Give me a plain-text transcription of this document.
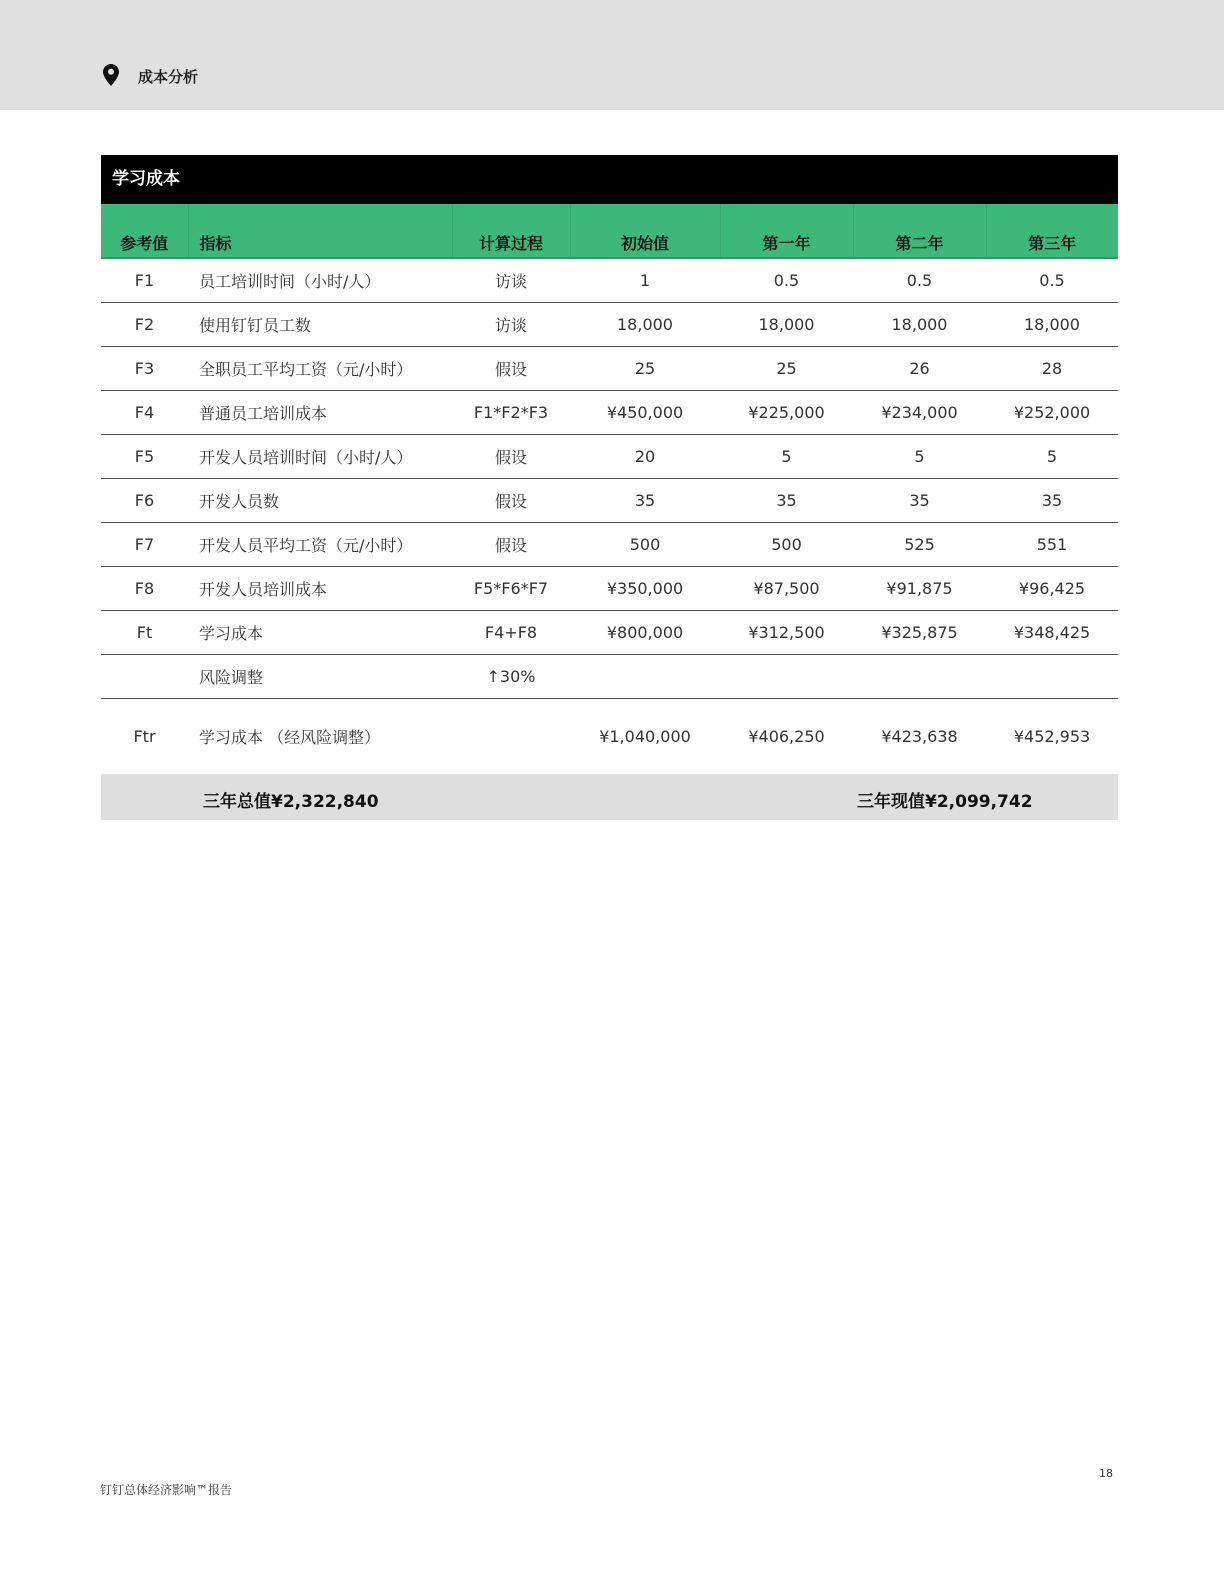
成本分析
学习成本
参考值	指标	计算过程	初始值	第一年	第二年	第三年
F1	员工培训时间（小时/人）	访谈	1	0.5	0.5	0.5
F2	使用钉钉员工数	访谈	18,000	18,000	18,000	18,000
F3	全职员工平均工资（元/小时）	假设	25	25	26	28
F4	普通员工培训成本	F1*F2*F3	¥450,000	¥225,000	¥234,000	¥252,000
F5	开发人员培训时间（小时/人）	假设	20	5	5	5
F6	开发人员数	假设	35	35	35	35
F7	开发人员平均工资（元/小时）	假设	500	500	525	551
F8	开发人员培训成本	F5*F6*F7	¥350,000	¥87,500	¥91,875	¥96,425
Ft	学习成本	F4+F8	¥800,000	¥312,500	¥325,875	¥348,425
	风险调整	↑30%				
Ftr	学习成本 （经风险调整）		¥1,040,000	¥406,250	¥423,638	¥452,953
三年总值¥2,322,840	三年现值¥2,099,742
钉钉总体经济影响™报告
18
